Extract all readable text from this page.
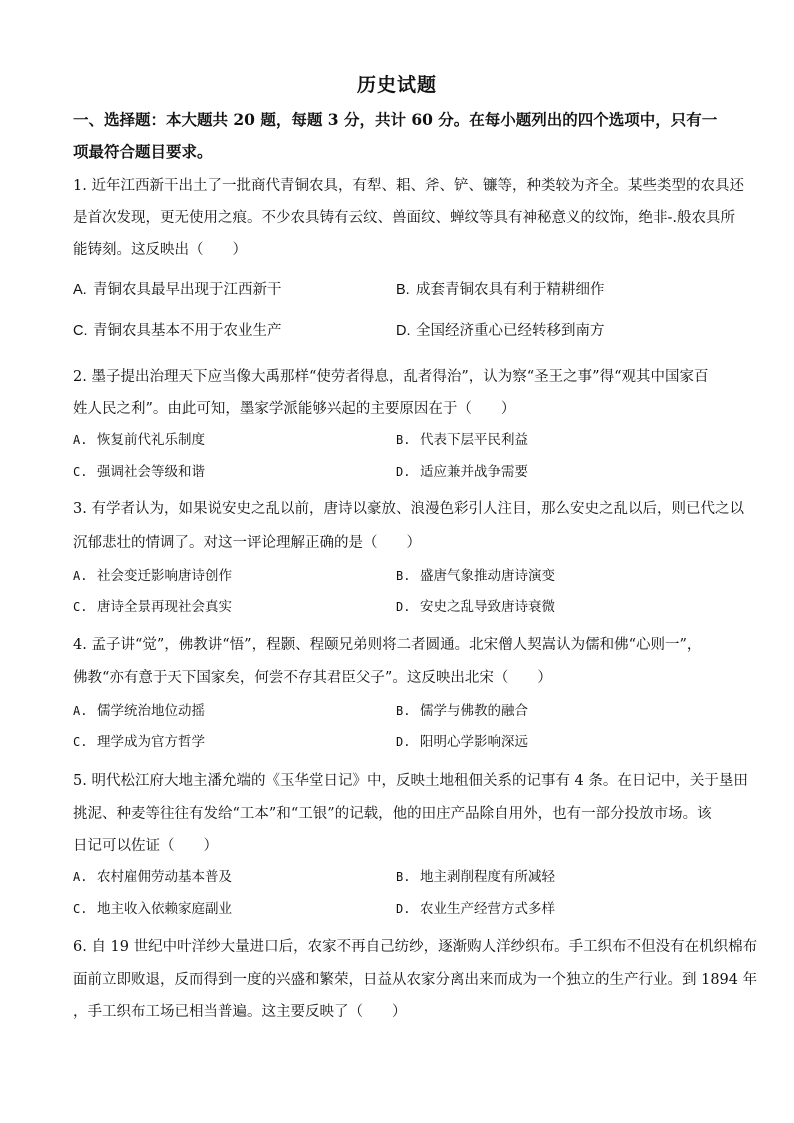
历史试题
一、选择题：本大题共 20 题，每题 3 分，共计 60 分。在每小题列出的四个选项中，只有一
项最符合题目要求。
1. 近年江西新干出土了一批商代青铜农具，有犁、耜、斧、铲、镰等，种类较为齐全。某些类型的农具还
是首次发现，更无使用之痕。不少农具铸有云纹、兽面纹、蝉纹等具有神秘意义的纹饰，绝非-.般农具所
能铸刻。这反映出（　　）
A. 青铜农具最早出现于江西新干	B. 成套青铜农具有利于精耕细作
C. 青铜农具基本不用于农业生产	D. 全国经济重心已经转移到南方
2. 墨子提出治理天下应当像大禹那样“使劳者得息，乱者得治”，认为察“圣王之事”得“观其中国家百
姓人民之利”。由此可知，墨家学派能够兴起的主要原因在于（　　）
A. 恢复前代礼乐制度	B. 代表下层平民利益
C. 强调社会等级和谐	D. 适应兼并战争需要
3. 有学者认为，如果说安史之乱以前，唐诗以豪放、浪漫色彩引人注目，那么安史之乱以后，则已代之以
沉郁悲壮的情调了。对这一评论理解正确的是（　　）
A. 社会变迁影响唐诗创作	B. 盛唐气象推动唐诗演变
C. 唐诗全景再现社会真实	D. 安史之乱导致唐诗衰微
4. 孟子讲“觉”，佛教讲“悟”，程颢、程颐兄弟则将二者圆通。北宋僧人契嵩认为儒和佛“心则一”，
佛教“亦有意于天下国家矣，何尝不存其君臣父子”。这反映出北宋（　　）
A. 儒学统治地位动摇	B. 儒学与佛教的融合
C. 理学成为官方哲学	D. 阳明心学影响深远
5. 明代松江府大地主潘允端的《玉华堂日记》中，反映土地租佃关系的记事有 4 条。在日记中，关于垦田
挑泥、种麦等往往有发给“工本”和“工银”的记载，他的田庄产品除自用外，也有一部分投放市场。该
日记可以佐证（　　）
A. 农村雇佣劳动基本普及	B. 地主剥削程度有所减轻
C. 地主收入依赖家庭副业	D. 农业生产经营方式多样
6. 自 19 世纪中叶洋纱大量进口后，农家不再自己纺纱，逐渐购人洋纱织布。手工织布不但没有在机织棉布
面前立即败退，反而得到一度的兴盛和繁荣，日益从农家分离出来而成为一个独立的生产行业。到 1894 年
，手工织布工场已相当普遍。这主要反映了（　　）
